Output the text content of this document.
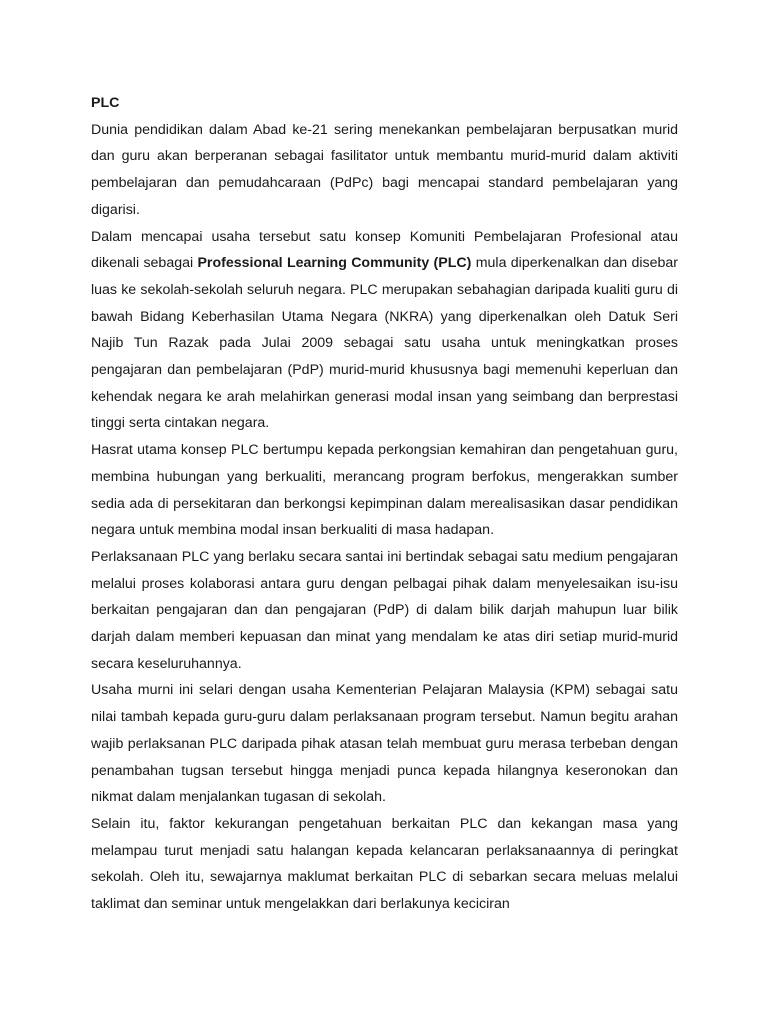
PLC

Dunia pendidikan dalam Abad ke-21 sering menekankan pembelajaran berpusatkan murid dan guru akan berperanan sebagai fasilitator untuk membantu murid-murid dalam aktiviti pembelajaran dan pemudahcaraan (PdPc) bagi mencapai standard pembelajaran yang digarisi.

Dalam mencapai usaha tersebut satu konsep Komuniti Pembelajaran Profesional atau dikenali sebagai Professional Learning Community (PLC) mula diperkenalkan dan disebar luas ke sekolah-sekolah seluruh negara. PLC merupakan sebahagian daripada kualiti guru di bawah Bidang Keberhasilan Utama Negara (NKRA) yang diperkenalkan oleh Datuk Seri Najib Tun Razak pada Julai 2009 sebagai satu usaha untuk meningkatkan proses pengajaran dan pembelajaran (PdP) murid-murid khususnya bagi memenuhi keperluan dan kehendak negara ke arah melahirkan generasi modal insan yang seimbang dan berprestasi tinggi serta cintakan negara.

Hasrat utama konsep PLC bertumpu kepada perkongsian kemahiran dan pengetahuan guru, membina hubungan yang berkualiti, merancang program berfokus, mengerakkan sumber sedia ada di persekitaran dan berkongsi kepimpinan dalam merealisasikan dasar pendidikan negara untuk membina modal insan berkualiti di masa hadapan.

Perlaksanaan PLC yang berlaku secara santai ini bertindak sebagai satu medium pengajaran melalui proses kolaborasi antara guru dengan pelbagai pihak dalam menyelesaikan isu-isu berkaitan pengajaran dan dan pengajaran (PdP) di dalam bilik darjah mahupun luar bilik darjah dalam memberi kepuasan dan minat yang mendalam ke atas diri setiap murid-murid secara keseluruhannya.

Usaha murni ini selari dengan usaha Kementerian Pelajaran Malaysia (KPM) sebagai satu nilai tambah kepada guru-guru dalam perlaksanaan program tersebut. Namun begitu arahan wajib perlaksanan PLC daripada pihak atasan telah membuat guru merasa terbeban dengan penambahan tugsan tersebut hingga menjadi punca kepada hilangnya keseronokan dan nikmat dalam menjalankan tugasan di sekolah.

Selain itu, faktor kekurangan pengetahuan berkaitan PLC dan kekangan masa yang melampau turut menjadi satu halangan kepada kelancaran perlaksanaannya di peringkat sekolah. Oleh itu, sewajarnya maklumat berkaitan PLC di sebarkan secara meluas melalui taklimat dan seminar untuk mengelakkan dari berlakunya keciciran
